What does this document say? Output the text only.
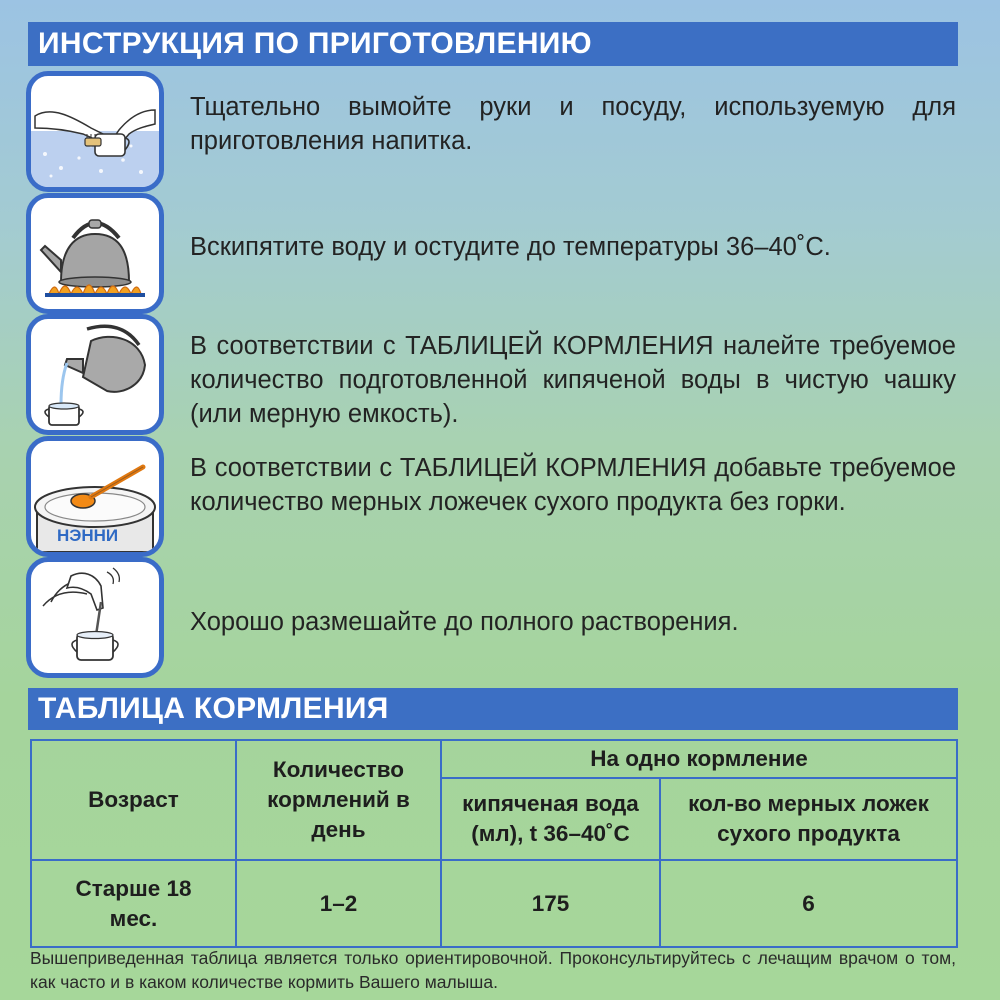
ИНСТРУКЦИЯ ПО ПРИГОТОВЛЕНИЮ
Тщательно вымойте руки и посуду, используемую для приготовления напитка.
Вскипятите воду и остудите до температуры 36–40˚C.
В соответствии с ТАБЛИЦЕЙ КОРМЛЕНИЯ налейте требуемое количество подготовленной кипяченой воды в чистую чашку (или мерную емкость).
НЭННИ
В соответствии с ТАБЛИЦЕЙ КОРМЛЕНИЯ добавьте требуемое количество мерных ложечек сухого продукта без горки.
Хорошо размешайте до полного растворения.
ТАБЛИЦА КОРМЛЕНИЯ
Возраст	Количество кормлений в день	На одно кормление	
		кипяченая вода (мл), t 36–40˚C	кол-во мерных ложек сухого продукта
Старше 18 мес.	1–2	175	6
Вышеприведенная таблица является только ориентировочной. Проконсультируйтесь с лечащим врачом о том, как часто и в каком количестве кормить Вашего малыша.
